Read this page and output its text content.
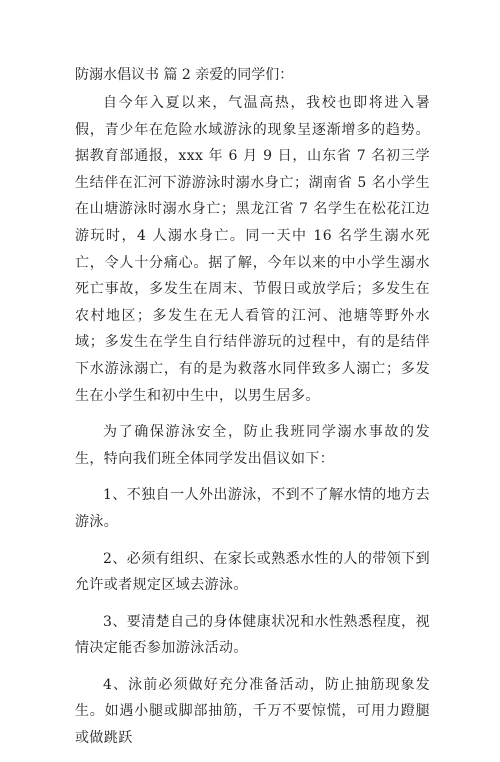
防溺水倡议书 篇 2 亲爱的同学们：

自今年入夏以来，气温高热，我校也即将进入暑假，青少年在危险水域游泳的现象呈逐渐增多的趋势。据教育部通报，xxx 年 6 月 9 日，山东省 7 名初三学生结伴在汇河下游游泳时溺水身亡；湖南省 5 名小学生在山塘游泳时溺水身亡；黑龙江省 7 名学生在松花江边游玩时，4 人溺水身亡。同一天中 16 名学生溺水死亡，令人十分痛心。据了解，今年以来的中小学生溺水死亡事故，多发生在周末、节假日或放学后；多发生在农村地区；多发生在无人看管的江河、池塘等野外水域；多发生在学生自行结伴游玩的过程中，有的是结伴下水游泳溺亡，有的是为救落水同伴致多人溺亡；多发生在小学生和初中生中，以男生居多。

为了确保游泳安全，防止我班同学溺水事故的发生，特向我们班全体同学发出倡议如下：

1、不独自一人外出游泳，不到不了解水情的地方去游泳。

2、必须有组织、在家长或熟悉水性的人的带领下到允许或者规定区域去游泳。

3、要清楚自己的身体健康状况和水性熟悉程度，视情决定能否参加游泳活动。

4、泳前必须做好充分准备活动，防止抽筋现象发生。如遇小腿或脚部抽筋，千万不要惊慌，可用力蹬腿或做跳跃
